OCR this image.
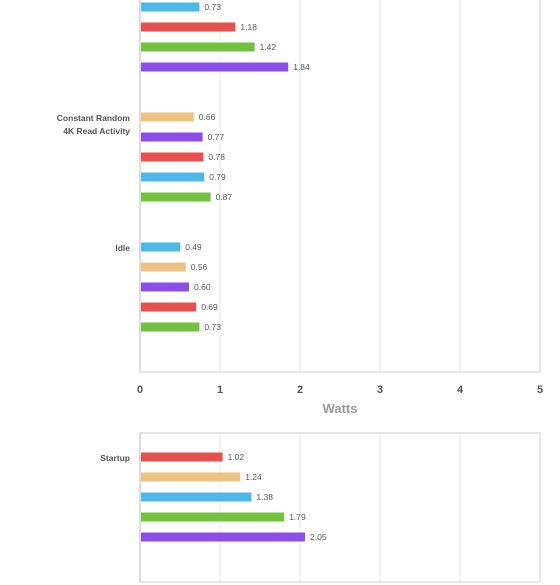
0.73
1.18
1.42
1.84
Constant Random 4K Read Activity
0.66
0.77
0.78
0.79
0.87
Idle	0.49
0.56
0.60
0.69
0.73
0	1	2	3	4	5
Watts
Startup	1.02
1.24
1.38
1.79
2.05
